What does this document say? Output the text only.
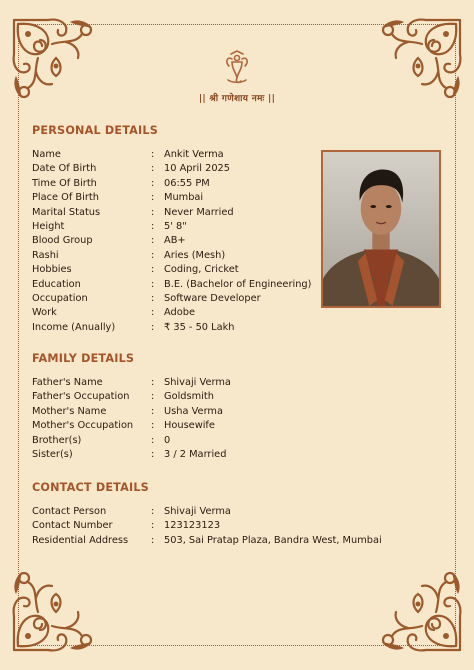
|| श्री गणेशाय नमः ||
PERSONAL DETAILS
Name	: Ankit Verma
Date Of Birth	: 10 April 2025
Time Of Birth	: 06:55 PM
Place Of Birth	: Mumbai
Marital Status	: Never Married
Height	: 5' 8"
Blood Group	: AB+
Rashi	: Aries (Mesh)
Hobbies	: Coding, Cricket
Education	: B.E. (Bachelor of Engineering)
Occupation	: Software Developer
Work	: Adobe
Income (Anually)	: ₹ 35 - 50 Lakh
FAMILY DETAILS
Father's Name	: Shivaji Verma
Father's Occupation : Goldsmith
Mother's Name	: Usha Verma
Mother's Occupation : Housewife
Brother(s)	: 0
Sister(s)	: 3 / 2 Married
CONTACT DETAILS
Contact Person	: Shivaji Verma
Contact Number	: 123123123
Residential Address : 503, Sai Pratap Plaza, Bandra West, Mumbai
